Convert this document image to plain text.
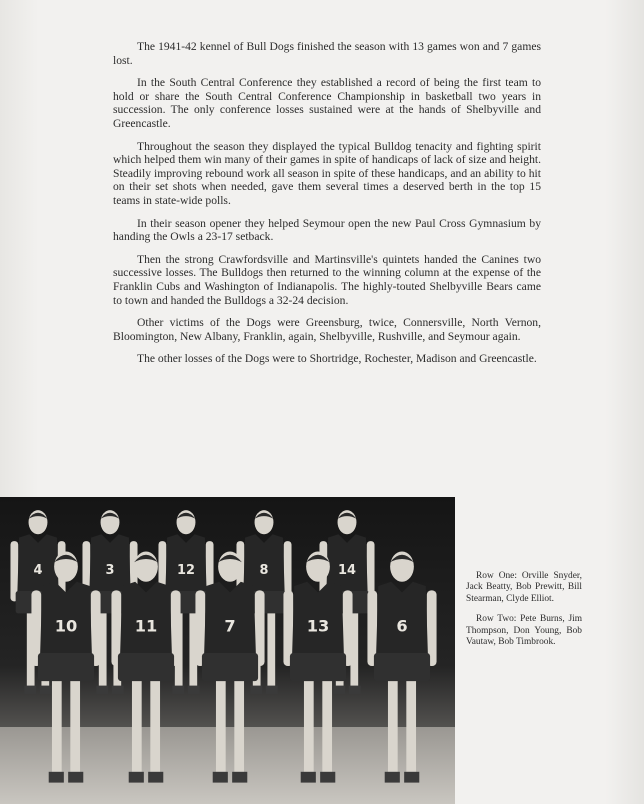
The 1941-42 kennel of Bull Dogs finished the season with 13 games won and 7 games lost.

In the South Central Conference they established a record of being the first team to hold or share the South Central Conference Championship in basketball two years in succession. The only conference losses sustained were at the hands of Shelbyville and Greencastle.

Throughout the season they displayed the typical Bulldog tenacity and fighting spirit which helped them win many of their games in spite of handicaps of lack of size and height. Steadily improving rebound work all season in spite of these handicaps, and an ability to hit on their set shots when needed, gave them several times a deserved berth in the top 15 teams in state-wide polls.

In their season opener they helped Seymour open the new Paul Cross Gymnasium by handing the Owls a 23-17 setback.

Then the strong Crawfordsville and Martinsville's quintets handed the Canines two successive losses. The Bulldogs then returned to the winning column at the expense of the Franklin Cubs and Washington of Indianapolis. The highly-touted Shelbyville Bears came to town and handed the Bulldogs a 32-24 decision.

Other victims of the Dogs were Greensburg, twice, Connersville, North Vernon, Bloomington, New Albany, Franklin, again, Shelbyville, Rushville, and Seymour again.

The other losses of the Dogs were to Shortridge, Rochester, Madison and Greencastle.

4	3	12	8	14
10	11	7	13	6

Row One: Orville Snyder, Jack Beatty, Bob Prewitt, Bill Stearman, Clyde Elliot.

Row Two: Pete Burns, Jim Thompson, Don Young, Bob Vautaw, Bob Timbrook.
